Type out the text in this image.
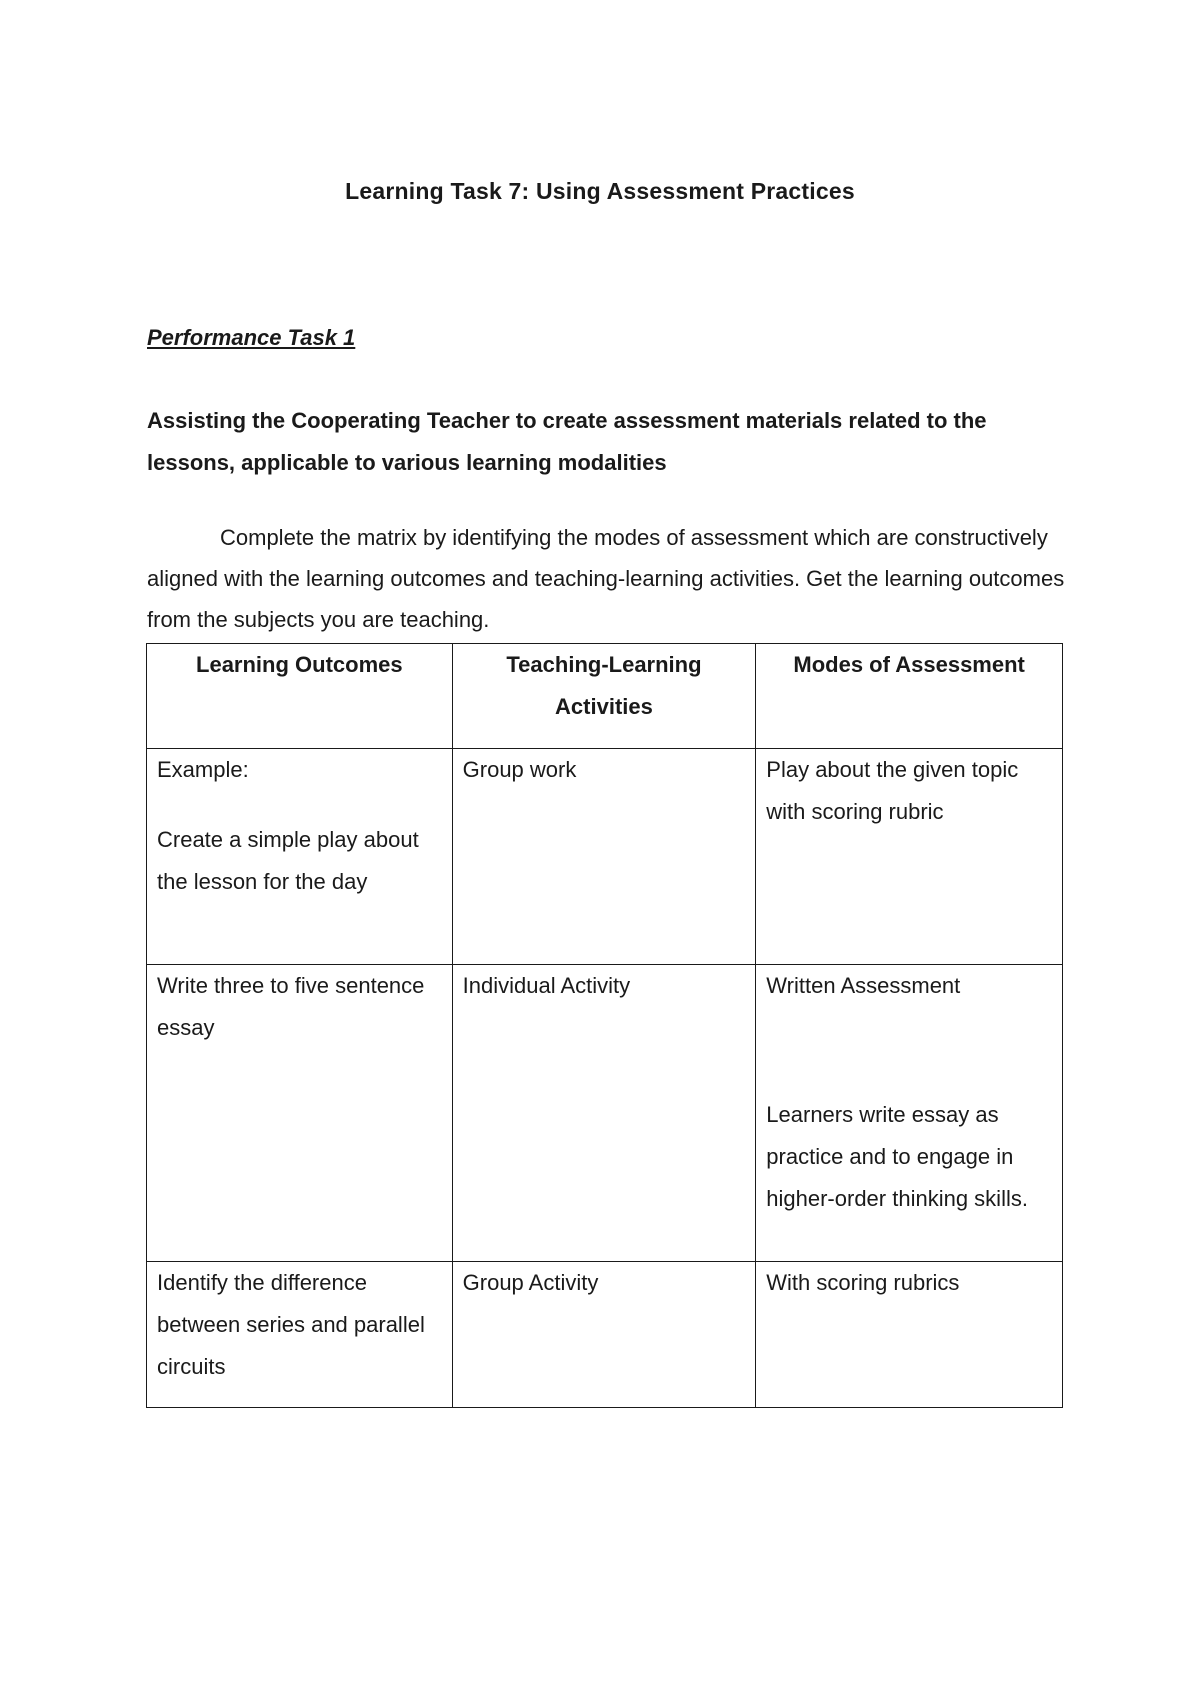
Learning Task 7: Using Assessment Practices
Performance Task 1
Assisting the Cooperating Teacher to create assessment materials related to the lessons, applicable to various learning modalities

Complete the matrix by identifying the modes of assessment which are constructively aligned with the learning outcomes and teaching-learning activities. Get the learning outcomes from the subjects you are teaching.

Learning Outcomes	Teaching-Learning Activities	Modes of Assessment

Example:
Create a simple play about the lesson for the day	Group work	Play about the given topic with scoring rubric
Write three to five sentence essay	Individual Activity	Written Assessment
Learners write essay as practice and to engage in higher-order thinking skills.

Identify the difference between series and parallel circuits	Group Activity	With scoring rubrics
